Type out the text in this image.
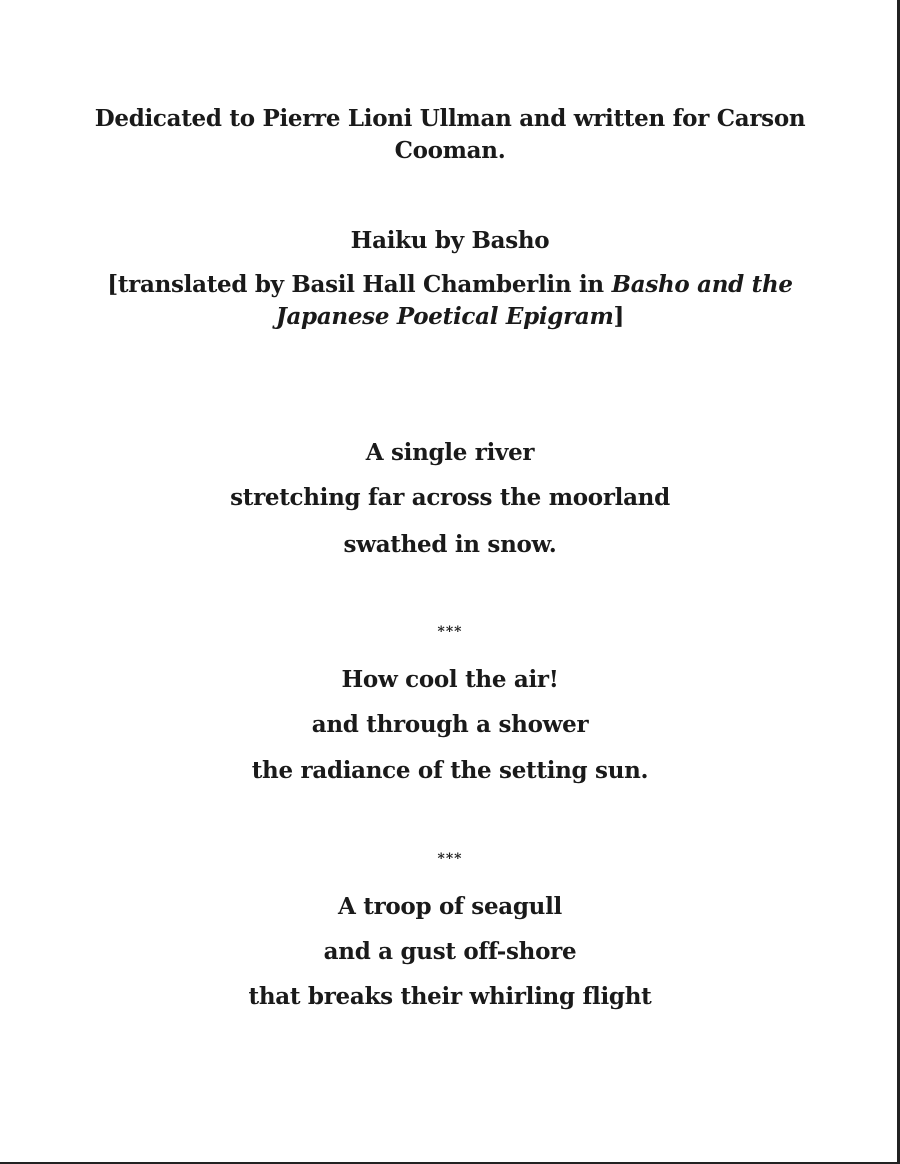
Dedicated to Pierre Lioni Ullman and written for Carson
Cooman.
Haiku by Basho
[translated by Basil Hall Chamberlin in Basho and the
Japanese Poetical Epigram]
A single river
stretching far across the moorland
swathed in snow.
***
How cool the air!
and through a shower
the radiance of the setting sun.
***
A troop of seagull
and a gust off-shore
that breaks their whirling flight
